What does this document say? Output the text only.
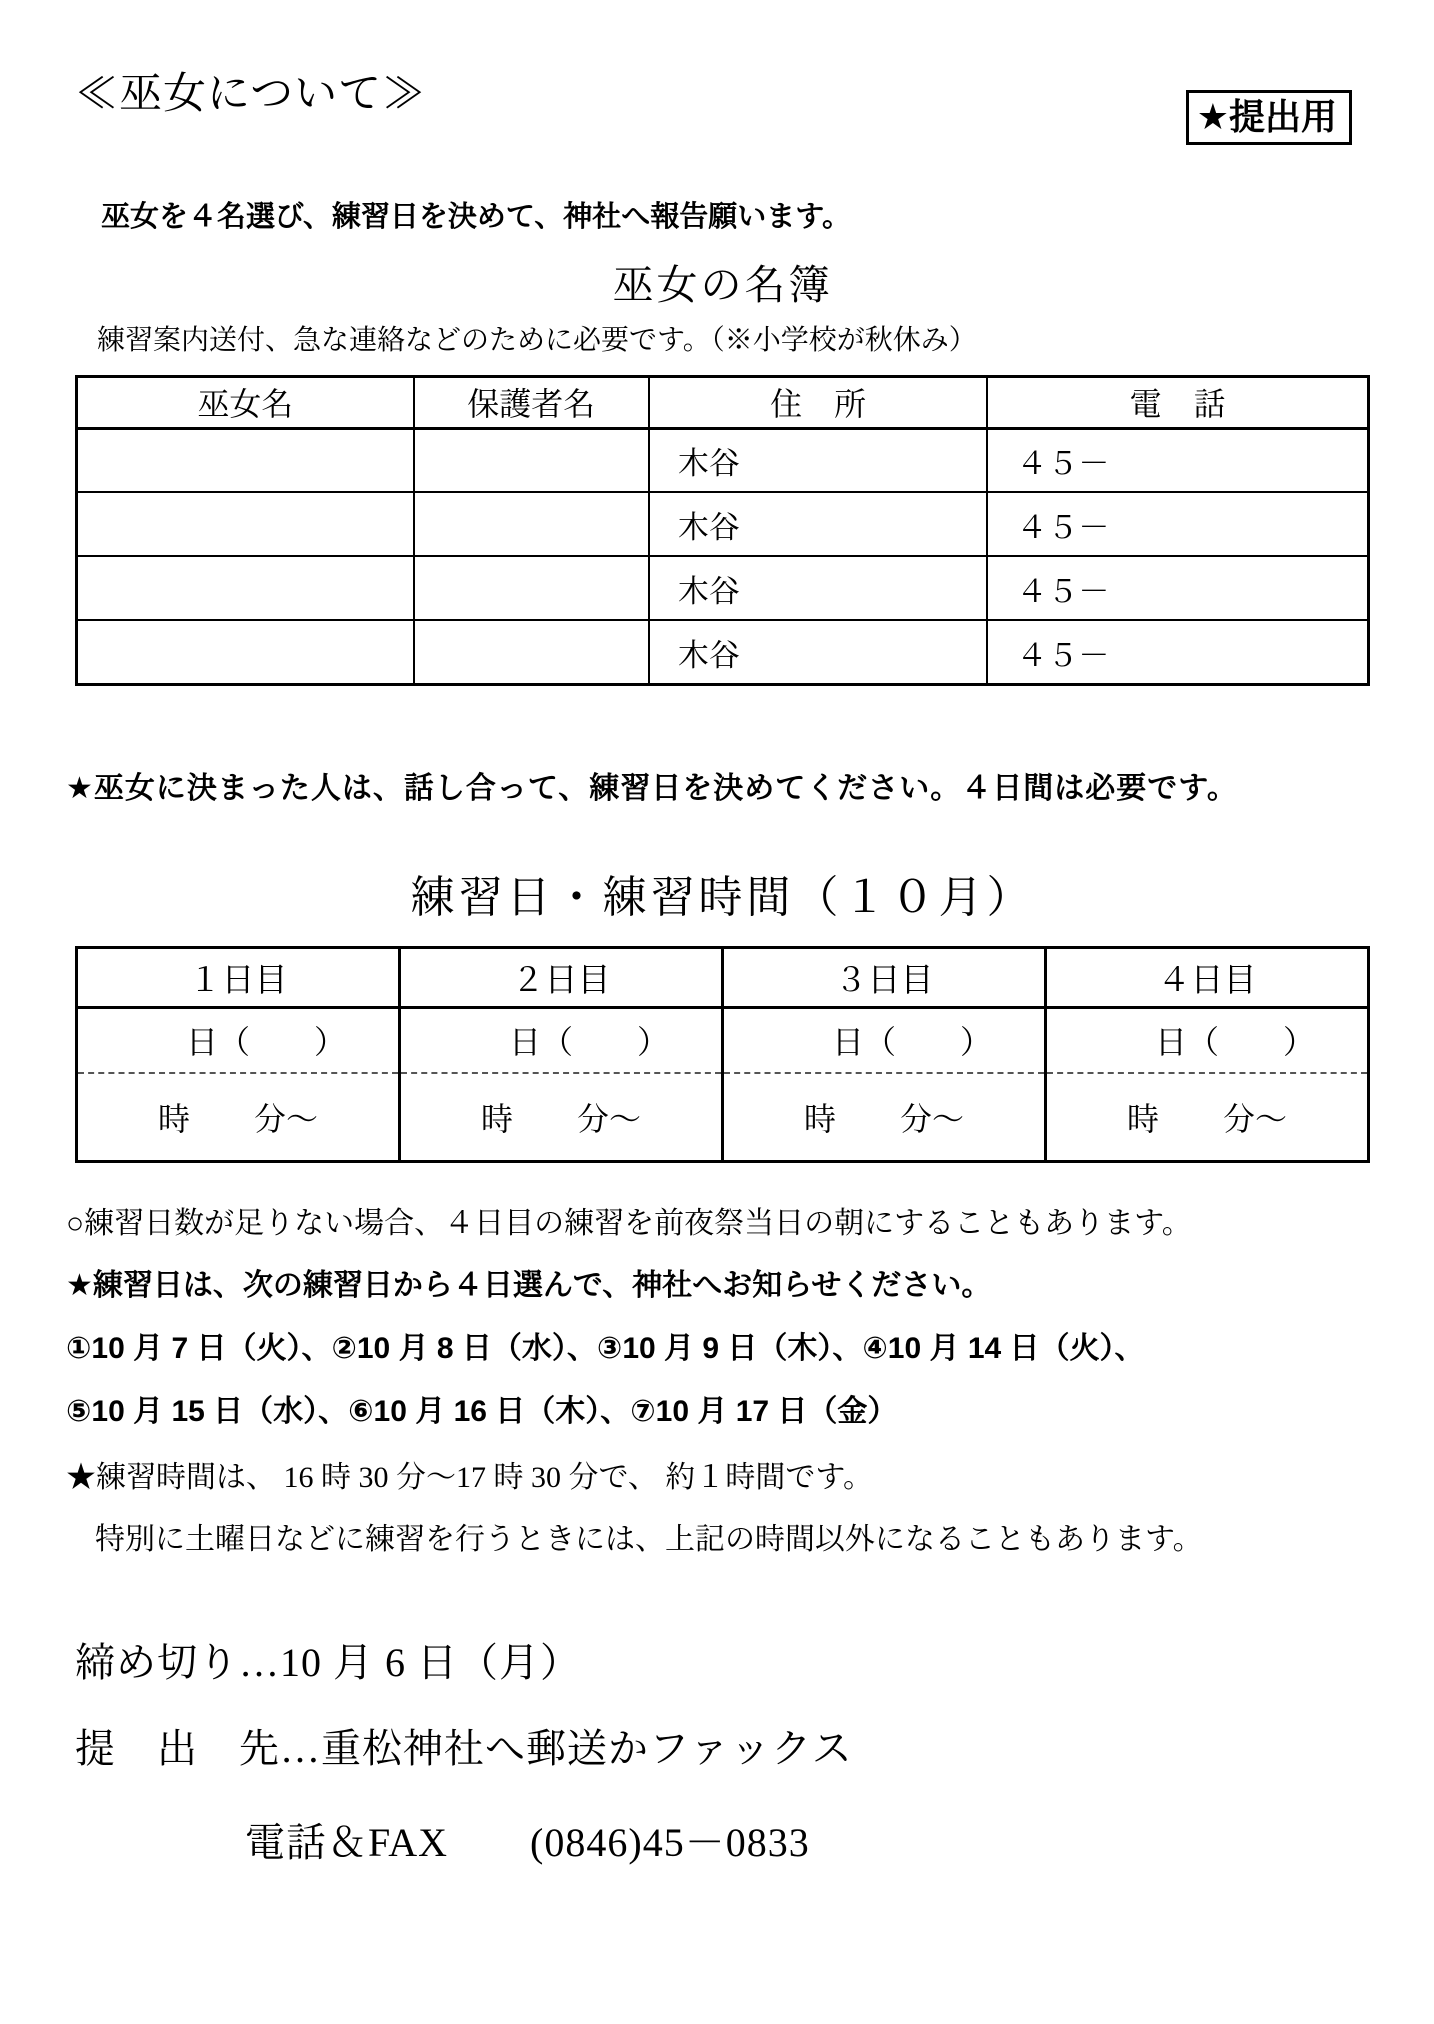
≪巫女について≫	★提出用
巫女を４名選び、練習日を決めて、神社へ報告願います。
巫女の名簿
練習案内送付、急な連絡などのために必要です。（※小学校が秋休み）
巫女名	保護者名	住　所	電　話
		木谷	４５－
		木谷	４５－
		木谷	４５－
		木谷	４５－
★巫女に決まった人は、話し合って、練習日を決めてください。４日間は必要です。
練習日・練習時間（１０月）
１日目	２日目	３日目	４日目
日（　　）	日（　　）	日（　　）	日（　　）
時　　分～	時　　分～	時　　分～	時　　分～
○練習日数が足りない場合、４日目の練習を前夜祭当日の朝にすることもあります。
★練習日は、次の練習日から４日選んで、神社へお知らせください。
①10 月 7 日（火）、②10 月 8 日（水）、③10 月 9 日（木）、④10 月 14 日（火）、
⑤10 月 15 日（水）、⑥10 月 16 日（木）、⑦10 月 17 日（金）
★練習時間は、 16 時 30 分～17 時 30 分で、 約１時間です。
特別に土曜日などに練習を行うときには、上記の時間以外になることもあります。
締め切り…10 月 6 日（月）
提　出　先…重松神社へ郵送かファックス
電話＆FAX　　(0846)45－0833
